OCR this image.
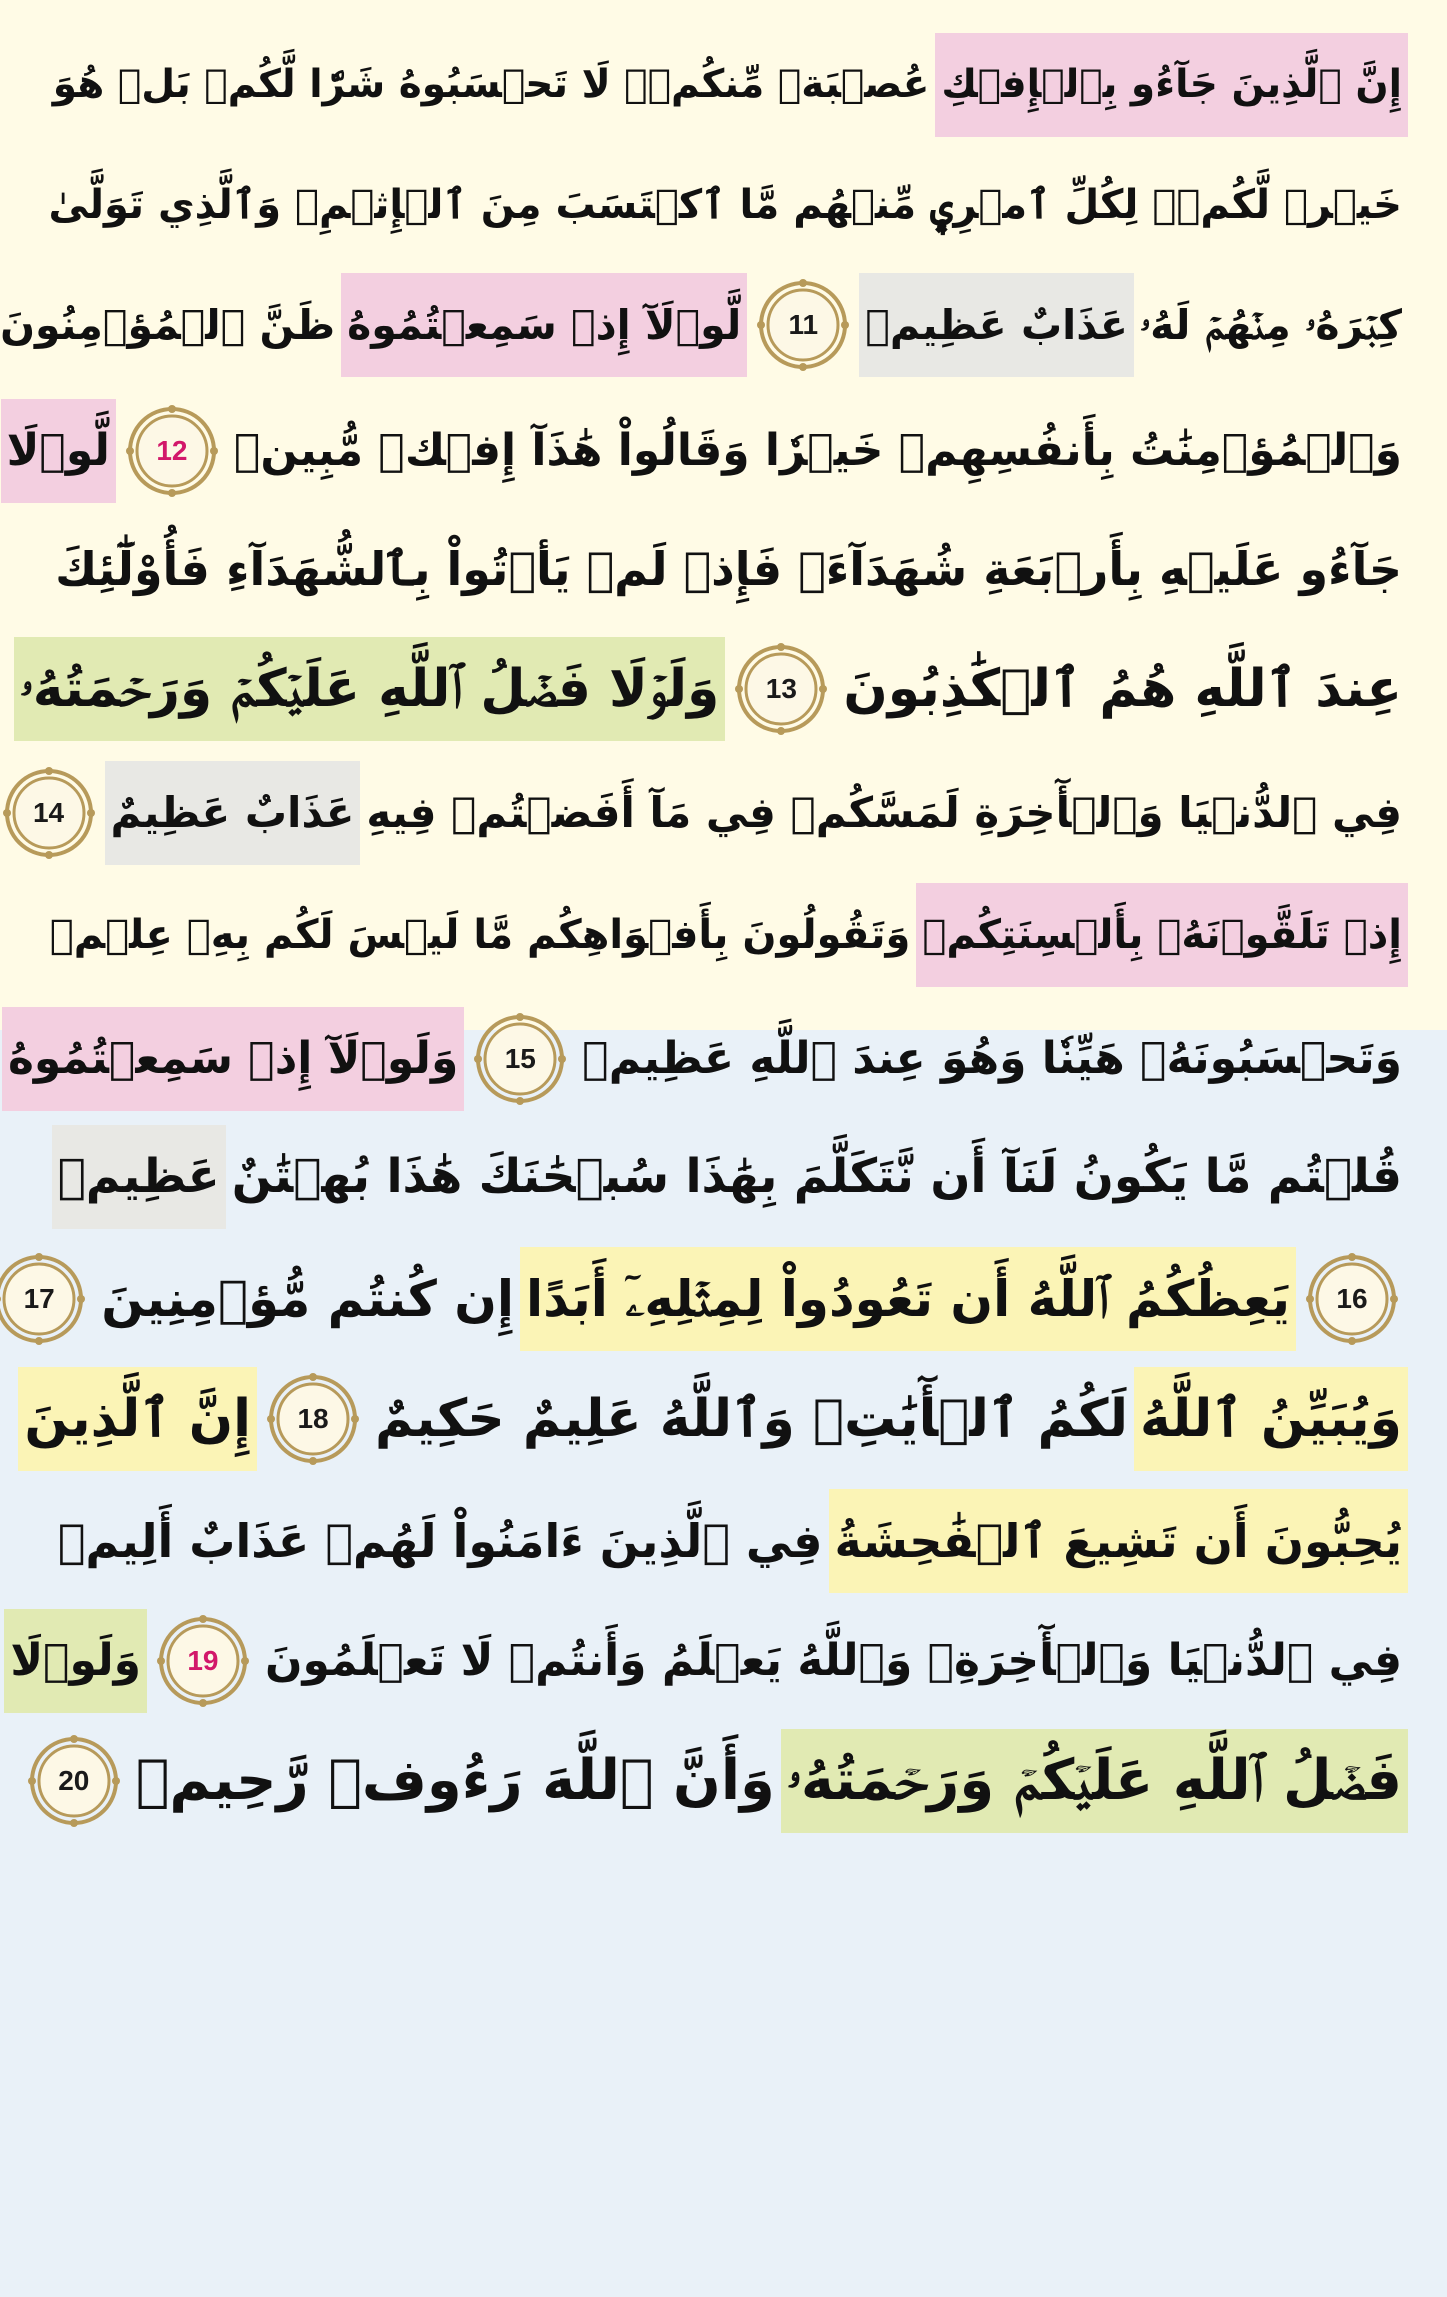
إِنَّ ٱلَّذِينَ جَآءُو بِٱلۡإِفۡكِ
عُصۡبَةٞ مِّنكُمۡۚ لَا تَحۡسَبُوهُ شَرّٗا لَّكُمۖ بَلۡ هُوَ
خَيۡرٞ لَّكُمۡۚ لِكُلِّ ٱمۡرِيٕٖ مِّنۡهُم مَّا ٱكۡتَسَبَ مِنَ ٱلۡإِثۡمِۚ وَٱلَّذِي تَوَلَّىٰ
كِبۡرَهُۥ مِنۡهُمۡ لَهُۥ
عَذَابٌ عَظِيمٞ
11
لَّوۡلَآ إِذۡ سَمِعۡتُمُوهُ
ظَنَّ ٱلۡمُؤۡمِنُونَ
وَٱلۡمُؤۡمِنَٰتُ بِأَنفُسِهِمۡ خَيۡرٗا وَقَالُواْ هَٰذَآ إِفۡكٞ مُّبِينٞ
12
لَّوۡلَا
جَآءُو عَلَيۡهِ بِأَرۡبَعَةِ شُهَدَآءَۚ فَإِذۡ لَمۡ يَأۡتُواْ بِٱلشُّهَدَآءِ فَأُوْلَٰٓئِكَ
عِندَ ٱللَّهِ هُمُ ٱلۡكَٰذِبُونَ
13
وَلَوۡلَا فَضۡلُ ٱللَّهِ عَلَيۡكُمۡ وَرَحۡمَتُهُۥ
فِي ٱلدُّنۡيَا وَٱلۡأٓخِرَةِ لَمَسَّكُمۡ فِي مَآ أَفَضۡتُمۡ فِيهِ
عَذَابٌ عَظِيمٌ
14
إِذۡ تَلَقَّوۡنَهُۥ بِأَلۡسِنَتِكُمۡ
وَتَقُولُونَ بِأَفۡوَاهِكُم مَّا لَيۡسَ لَكُم بِهِۦ عِلۡمٞ
وَتَحۡسَبُونَهُۥ هَيِّنٗا وَهُوَ عِندَ ٱللَّهِ عَظِيمٞ
15
وَلَوۡلَآ إِذۡ سَمِعۡتُمُوهُ
قُلۡتُم مَّا يَكُونُ لَنَآ أَن نَّتَكَلَّمَ بِهَٰذَا سُبۡحَٰنَكَ هَٰذَا بُهۡتَٰنٌ
عَظِيمٞ
16
يَعِظُكُمُ ٱللَّهُ أَن تَعُودُواْ لِمِثۡلِهِۦٓ أَبَدًا
إِن كُنتُم مُّؤۡمِنِينَ
17
وَيُبَيِّنُ ٱللَّهُ
لَكُمُ ٱلۡأٓيَٰتِۚ وَٱللَّهُ عَلِيمٌ حَكِيمٌ
18
إِنَّ ٱلَّذِينَ
يُحِبُّونَ أَن تَشِيعَ ٱلۡفَٰحِشَةُ
فِي ٱلَّذِينَ ءَامَنُواْ لَهُمۡ عَذَابٌ أَلِيمٞ
فِي ٱلدُّنۡيَا وَٱلۡأٓخِرَةِۚ وَٱللَّهُ يَعۡلَمُ وَأَنتُمۡ لَا تَعۡلَمُونَ
19
وَلَوۡلَا
فَضۡلُ ٱللَّهِ عَلَيۡكُمۡ وَرَحۡمَتُهُۥ
وَأَنَّ ٱللَّهَ رَءُوفٞ رَّحِيمٞ
20
